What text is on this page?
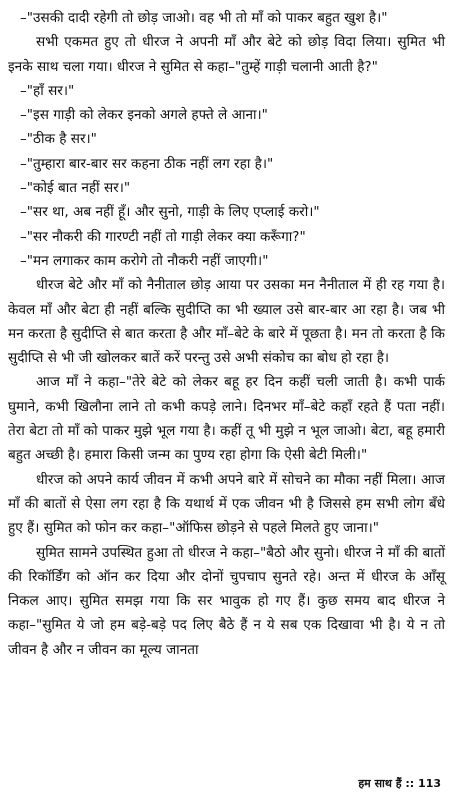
–"उसकी दादी रहेगी तो छोड़ जाओ। वह भी तो माँ को पाकर बहुत खुश है।"

सभी एकमत हुए तो धीरज ने अपनी माँ और बेटे को छोड़ विदा लिया। सुमित भी इनके साथ चला गया। धीरज ने सुमित से कहा–"तुम्हें गाड़ी चलानी आती है?"

–"हाँ सर।"

–"इस गाड़ी को लेकर इनको अगले हफ्ते ले आना।"

–"ठीक है सर।"

–"तुम्हारा बार-बार सर कहना ठीक नहीं लग रहा है।"

–"कोई बात नहीं सर।"

–"सर था, अब नहीं हूँ। और सुनो, गाड़ी के लिए एप्लाई करो।"

–"सर नौकरी की गारण्टी नहीं तो गाड़ी लेकर क्या करूँगा?"

–"मन लगाकर काम करोगे तो नौकरी नहीं जाएगी।"

धीरज बेटे और माँ को नैनीताल छोड़ आया पर उसका मन नैनीताल में ही रह गया है। केवल माँ और बेटा ही नहीं बल्कि सुदीप्ति का भी ख्याल उसे बार-बार आ रहा है। जब भी मन करता है सुदीप्ति से बात करता है और माँ–बेटे के बारे में पूछता है। मन तो करता है कि सुदीप्ति से भी जी खोलकर बातें करें परन्तु उसे अभी संकोच का बोध हो रहा है।

आज माँ ने कहा–"तेरे बेटे को लेकर बहू हर दिन कहीं चली जाती है। कभी पार्क घुमाने, कभी खिलौना लाने तो कभी कपड़े लाने। दिनभर माँ–बेटे कहाँ रहते हैं पता नहीं। तेरा बेटा तो माँ को पाकर मुझे भूल गया है। कहीं तू भी मुझे न भूल जाओ। बेटा, बहू हमारी बहुत अच्छी है। हमारा किसी जन्म का पुण्य रहा होगा कि ऐसी बेटी मिली।"

धीरज को अपने कार्य जीवन में कभी अपने बारे में सोचने का मौका नहीं मिला। आज माँ की बातों से ऐसा लग रहा है कि यथार्थ में एक जीवन भी है जिससे हम सभी लोग बँधे हुए हैं। सुमित को फोन कर कहा–"ऑफिस छोड़ने से पहले मिलते हुए जाना।"

सुमित सामने उपस्थित हुआ तो धीरज ने कहा–"बैठो और सुनो। धीरज ने माँ की बातों की रिकॉर्डिंग को ऑन कर दिया और दोनों चुपचाप सुनते रहे। अन्त में धीरज के आँसू निकल आए। सुमित समझ गया कि सर भावुक हो गए हैं। कुछ समय बाद धीरज ने कहा–"सुमित ये जो हम बड़े-बड़े पद लिए बैठे हैं न ये सब एक दिखावा भी है। ये न तो जीवन है और न जीवन का मूल्य जानता

हम साथ हैं :: 113
